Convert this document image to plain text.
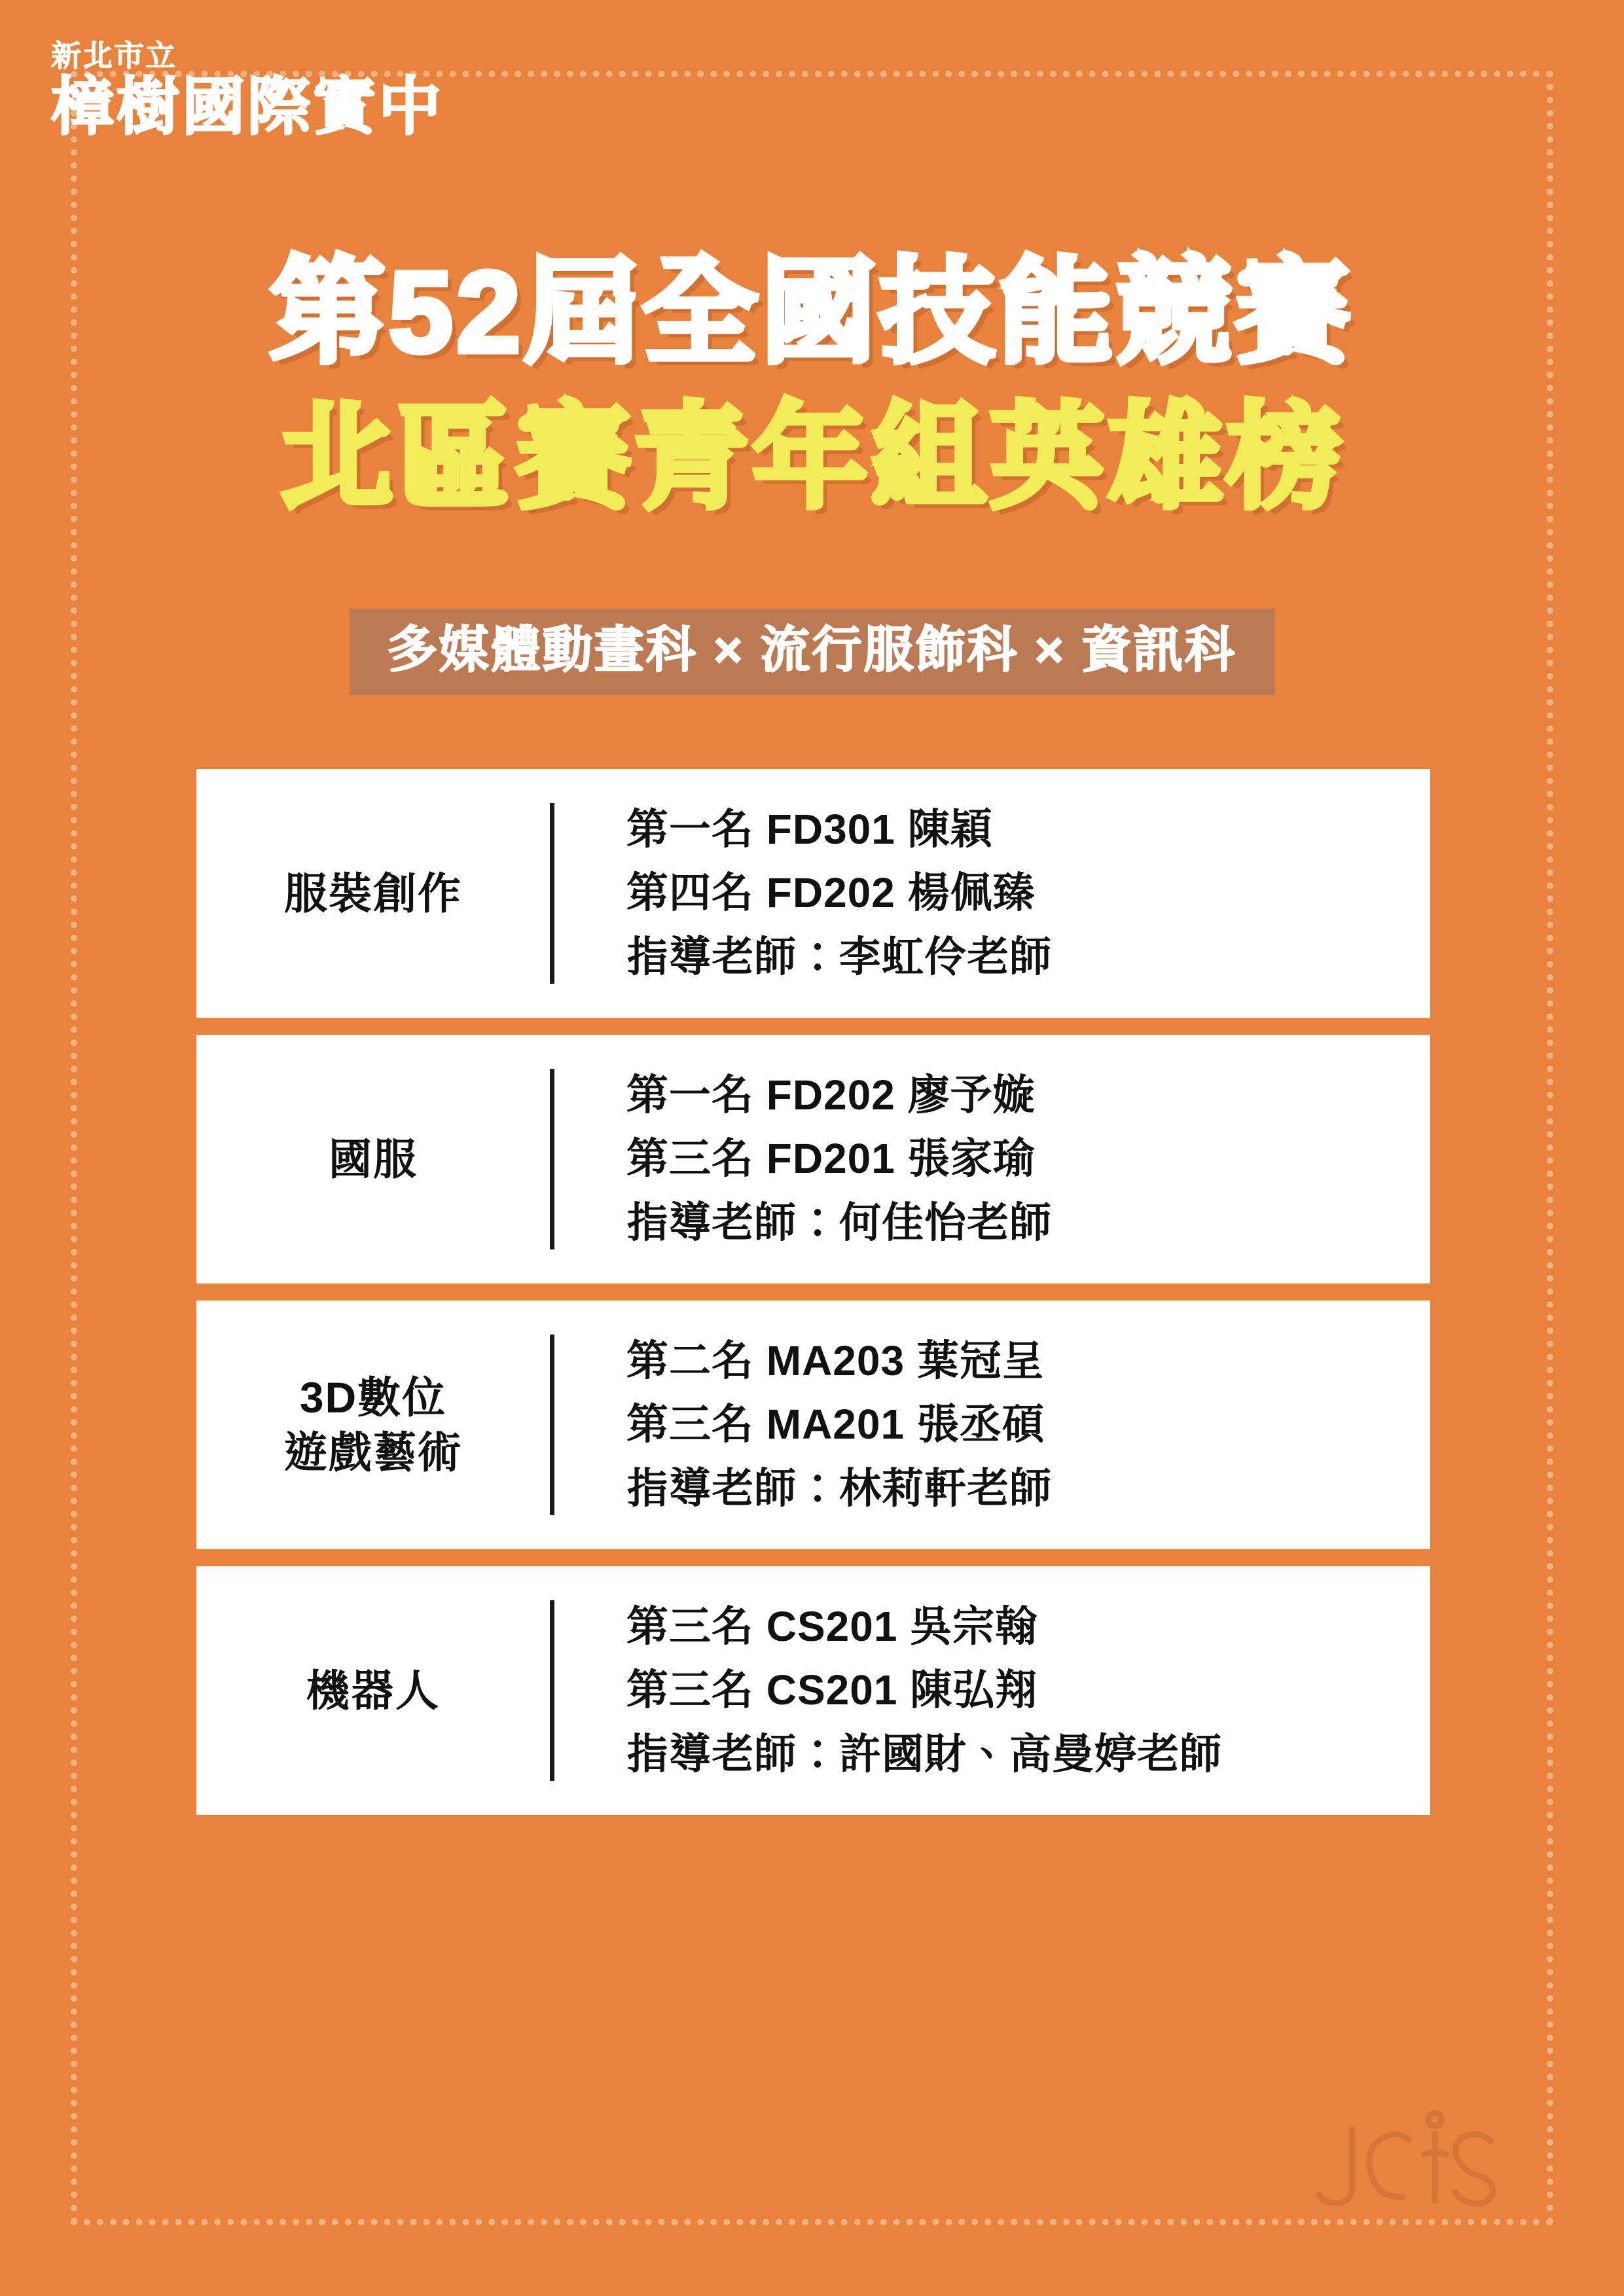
新北市立
樟樹國際實中
第52屆全國技能競賽
北區賽青年組英雄榜
多媒體動畫科 × 流行服飾科 × 資訊科
服裝創作
第一名 FD301 陳穎
第四名 FD202 楊佩臻
指導老師：李虹伶老師
國服
第一名 FD202 廖予嫙
第三名 FD201 張家瑜
指導老師：何佳怡老師
3D數位
遊戲藝術
第二名 MA203 葉冠呈
第三名 MA201 張丞碩
指導老師：林莉軒老師
機器人
第三名 CS201 吳宗翰
第三名 CS201 陳弘翔
指導老師：許國財、高曼婷老師
